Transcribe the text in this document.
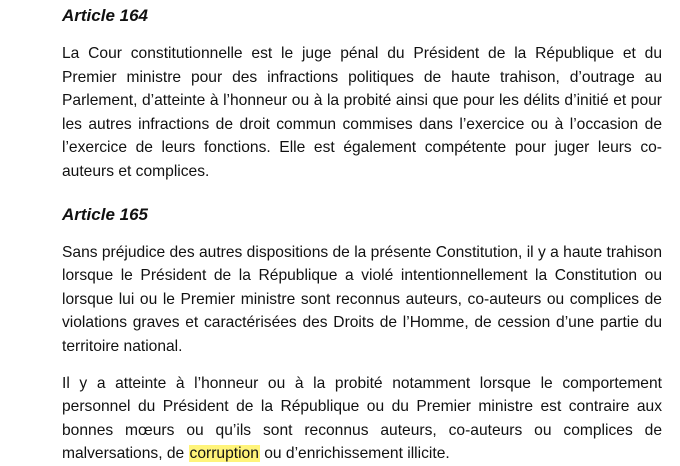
Article 164

La Cour constitutionnelle est le juge pénal du Président de la République et du Premier ministre pour des infractions politiques de haute trahison, d’outrage au Parlement, d’atteinte à l’honneur ou à la probité ainsi que pour les délits d’initié et pour les autres infractions de droit commun commises dans l’exercice ou à l’occasion de l’exercice de leurs fonctions. Elle est également compétente pour juger leurs co-auteurs et complices.

Article 165

Sans préjudice des autres dispositions de la présente Constitution, il y a haute trahison lorsque le Président de la République a violé intentionnellement la Constitution ou lorsque lui ou le Premier ministre sont reconnus auteurs, co-auteurs ou complices de violations graves et caractérisées des Droits de l’Homme, de cession d’une partie du territoire national.

Il y a atteinte à l’honneur ou à la probité notamment lorsque le comportement personnel du Président de la République ou du Premier ministre est contraire aux bonnes mœurs ou qu’ils sont reconnus auteurs, co-auteurs ou complices de malversations, de corruption ou d’enrichissement illicite.
